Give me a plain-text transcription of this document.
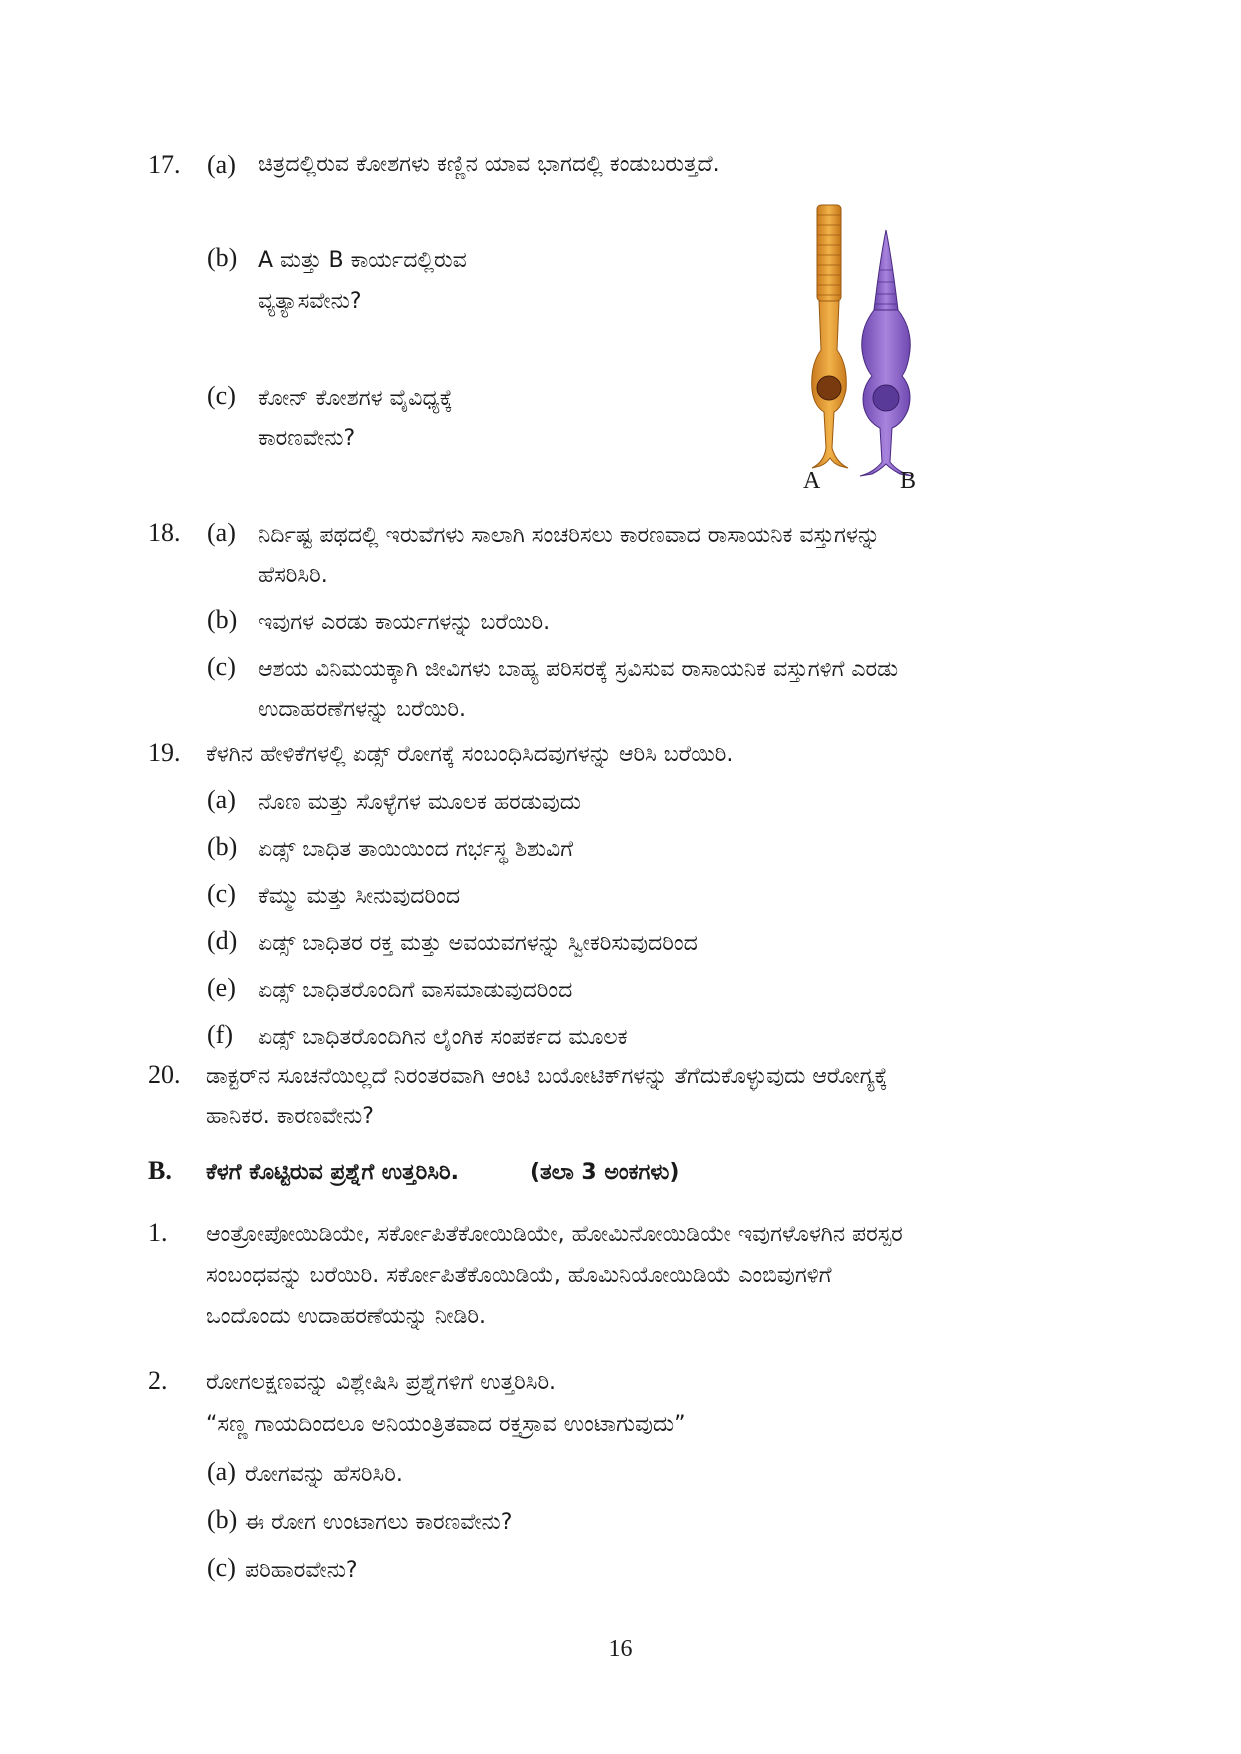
17. (a) ಚಿತ್ರದಲ್ಲಿರುವ ಕೋಶಗಳು ಕಣ್ಣಿನ ಯಾವ ಭಾಗದಲ್ಲಿ ಕಂಡುಬರುತ್ತದೆ.
(b) A ಮತ್ತು B ಕಾರ್ಯದಲ್ಲಿರುವ
ವ್ಯತ್ಯಾಸವೇನು?
(c) ಕೋನ್ ಕೋಶಗಳ ವೈವಿಧ್ಯಕ್ಕೆ
ಕಾರಣವೇನು?
A	B
18. (a) ನಿರ್ದಿಷ್ಟ ಪಥದಲ್ಲಿ ಇರುವೆಗಳು ಸಾಲಾಗಿ ಸಂಚರಿಸಲು ಕಾರಣವಾದ ರಾಸಾಯನಿಕ ವಸ್ತುಗಳನ್ನು
ಹೆಸರಿಸಿರಿ.
(b) ಇವುಗಳ ಎರಡು ಕಾರ್ಯಗಳನ್ನು ಬರೆಯಿರಿ.
(c) ಆಶಯ ವಿನಿಮಯಕ್ಕಾಗಿ ಜೀವಿಗಳು ಬಾಹ್ಯ ಪರಿಸರಕ್ಕೆ ಸ್ರವಿಸುವ ರಾಸಾಯನಿಕ ವಸ್ತುಗಳಿಗೆ ಎರಡು
ಉದಾಹರಣೆಗಳನ್ನು ಬರೆಯಿರಿ.
19. ಕೆಳಗಿನ ಹೇಳಿಕೆಗಳಲ್ಲಿ ಏಡ್ಸ್ ರೋಗಕ್ಕೆ ಸಂಬಂಧಿಸಿದವುಗಳನ್ನು ಆರಿಸಿ ಬರೆಯಿರಿ.
(a) ನೊಣ ಮತ್ತು ಸೊಳ್ಳೆಗಳ ಮೂಲಕ ಹರಡುವುದು
(b) ಏಡ್ಸ್ ಬಾಧಿತ ತಾಯಿಯಿಂದ ಗರ್ಭಸ್ಥ ಶಿಶುವಿಗೆ
(c) ಕೆಮ್ಮು ಮತ್ತು ಸೀನುವುದರಿಂದ
(d) ಏಡ್ಸ್ ಬಾಧಿತರ ರಕ್ತ ಮತ್ತು ಅವಯವಗಳನ್ನು ಸ್ವೀಕರಿಸುವುದರಿಂದ
(e) ಏಡ್ಸ್ ಬಾಧಿತರೊಂದಿಗೆ ವಾಸಮಾಡುವುದರಿಂದ
(f) ಏಡ್ಸ್ ಬಾಧಿತರೊಂದಿಗಿನ ಲೈಂಗಿಕ ಸಂಪರ್ಕದ ಮೂಲಕ
20. ಡಾಕ್ಟರ್‌ನ ಸೂಚನೆಯಿಲ್ಲದೆ ನಿರಂತರವಾಗಿ ಆಂಟಿ ಬಯೋಟಿಕ್‌ಗಳನ್ನು ತೆಗೆದುಕೊಳ್ಳುವುದು ಆರೋಗ್ಯಕ್ಕೆ
ಹಾನಿಕರ. ಕಾರಣವೇನು?
B. ಕೆಳಗೆ ಕೊಟ್ಟಿರುವ ಪ್ರಶ್ನೆಗೆ ಉತ್ತರಿಸಿರಿ.	(ತಲಾ 3 ಅಂಕಗಳು)
1. ಆಂತ್ರೋಪೋಯಿಡಿಯೇ, ಸರ್ಕೋಪಿತೆಕೋಯಿಡಿಯೇ, ಹೋಮಿನೋಯಿಡಿಯೇ ಇವುಗಳೊಳಗಿನ ಪರಸ್ಪರ
ಸಂಬಂಧವನ್ನು ಬರೆಯಿರಿ. ಸರ್ಕೋಪಿತೆಕೊಯಿಡಿಯೆ, ಹೊಮಿನಿಯೋಯಿಡಿಯೆ ಎಂಬಿವುಗಳಿಗೆ
ಒಂದೊಂದು ಉದಾಹರಣೆಯನ್ನು ನೀಡಿರಿ.
2. ರೋಗಲಕ್ಷಣವನ್ನು ವಿಶ್ಲೇಷಿಸಿ ಪ್ರಶ್ನೆಗಳಿಗೆ ಉತ್ತರಿಸಿರಿ.
“ಸಣ್ಣ ಗಾಯದಿಂದಲೂ ಅನಿಯಂತ್ರಿತವಾದ ರಕ್ತಸ್ರಾವ ಉಂಟಾಗುವುದು”
(a) ರೋಗವನ್ನು ಹೆಸರಿಸಿರಿ.
(b) ಈ ರೋಗ ಉಂಟಾಗಲು ಕಾರಣವೇನು?
(c) ಪರಿಹಾರವೇನು?
16
